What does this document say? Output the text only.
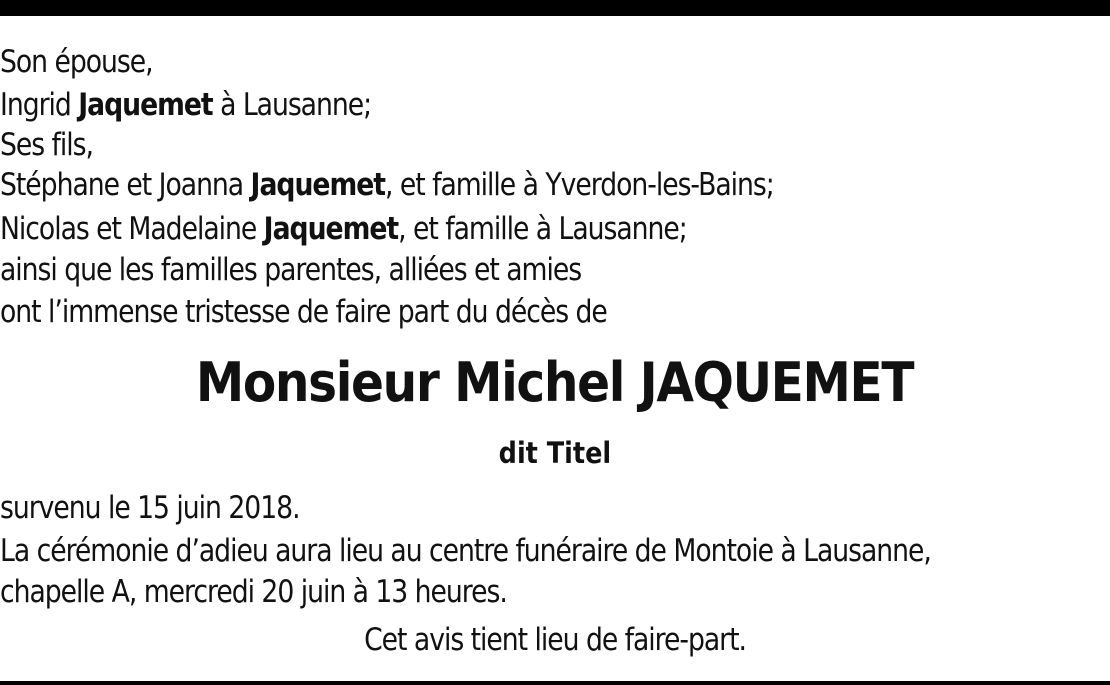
Son épouse,
Ingrid Jaquemet à Lausanne;
Ses fils,
Stéphane et Joanna Jaquemet, et famille à Yverdon-les-Bains;
Nicolas et Madelaine Jaquemet, et famille à Lausanne;
ainsi que les familles parentes, alliées et amies
ont l’immense tristesse de faire part du décès de
Monsieur Michel JAQUEMET
dit Titel
survenu le 15 juin 2018.
La cérémonie d’adieu aura lieu au centre funéraire de Montoie à Lausanne,
chapelle A, mercredi 20 juin à 13 heures.
Cet avis tient lieu de faire-part.
